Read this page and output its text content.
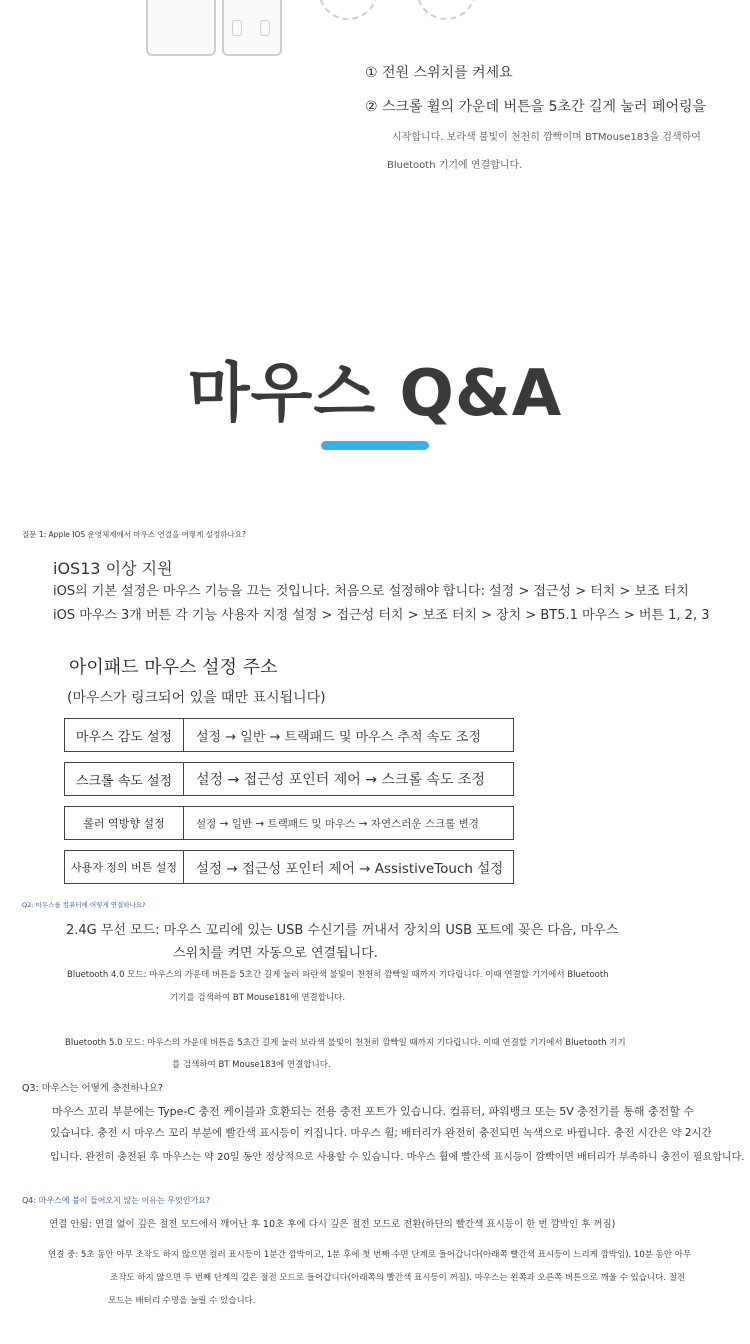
① 전원 스위치를 켜세요
② 스크롤 휠의 가운데 버튼을 5초간 길게 눌러 페어링을
시작합니다. 보라색 불빛이 천천히 깜빡이며 BTMouse183을 검색하여
Bluetooth 기기에 연결합니다.
마우스 Q&A
질문 1: Apple IOS 운영체제에서 마우스 연결을 어떻게 설정하나요?
iOS13 이상 지원
iOS의 기본 설정은 마우스 기능을 끄는 것입니다. 처음으로 설정해야 합니다: 설정 > 접근성 > 터치 > 보조 터치
iOS 마우스 3개 버튼 각 기능 사용자 지정 설정 > 접근성 터치 > 보조 터치 > 장치 > BT5.1 마우스 > 버튼 1, 2, 3
아이패드 마우스 설정 주소
(마우스가 링크되어 있을 때만 표시됩니다)
마우스 감도 설정	설정 → 일반 → 트랙패드 및 마우스 추적 속도 조정
스크롤 속도 설정	설정 → 접근성 포인터 제어 → 스크롤 속도 조정
롤러 역방향 설정	설정 → 일반 → 트랙패드 및 마우스 → 자연스러운 스크롤 변경
사용자 정의 버튼 설정	설정 → 접근성 포인터 제어 → AssistiveTouch 설정
Q2: 마우스를 컴퓨터에 어떻게 연결하나요?
2.4G 무선 모드: 마우스 꼬리에 있는 USB 수신기를 꺼내서 장치의 USB 포트에 꽂은 다음, 마우스
스위치를 켜면 자동으로 연결됩니다.
Bluetooth 4.0 모드: 마우스의 가운데 버튼을 5초간 길게 눌러 파란색 불빛이 천천히 깜빡일 때까지 기다립니다. 이때 연결할 기기에서 Bluetooth
기기를 검색하여 BT Mouse181에 연결합니다.
Bluetooth 5.0 모드: 마우스의 가운데 버튼을 5초간 길게 눌러 보라색 불빛이 천천히 깜빡일 때까지 기다립니다. 이때 연결할 기기에서 Bluetooth 기기
를 검색하여 BT Mouse183에 연결합니다.
Q3: 마우스는 어떻게 충전하나요?
마우스 꼬리 부분에는 Type-C 충전 케이블과 호환되는 전용 충전 포트가 있습니다. 컴퓨터, 파워뱅크 또는 5V 충전기를 통해 충전할 수
있습니다. 충전 시 마우스 꼬리 부분에 빨간색 표시등이 켜집니다. 마우스 휠; 배터리가 완전히 충전되면 녹색으로 바뀝니다. 충전 시간은 약 2시간
입니다. 완전히 충전된 후 마우스는 약 20일 동안 정상적으로 사용할 수 있습니다. 마우스 휠에 빨간색 표시등이 깜빡이면 배터리가 부족하니 충전이 필요합니다.
Q4: 마우스에 불이 들어오지 않는 이유는 무엇인가요?
연결 안됨: 연결 없이 깊은 절전 모드에서 깨어난 후 10초 후에 다시 깊은 절전 모드로 전환(하단의 빨간색 표시등이 한 번 깜박인 후 꺼짐)
연결 중: 5초 동안 아무 조작도 하지 않으면 컬러 표시등이 1분간 깜박이고, 1분 후에 첫 번째 수면 단계로 들어갑니다(아래쪽 빨간색 표시등이 느리게 깜박임). 10분 동안 아무
조작도 하지 않으면 두 번째 단계의 깊은 절전 모드로 들어갑니다(아래쪽의 빨간색 표시등이 꺼짐). 마우스는 왼쪽과 오른쪽 버튼으로 깨울 수 있습니다. 절전
모드는 배터리 수명을 늘릴 수 있습니다.
